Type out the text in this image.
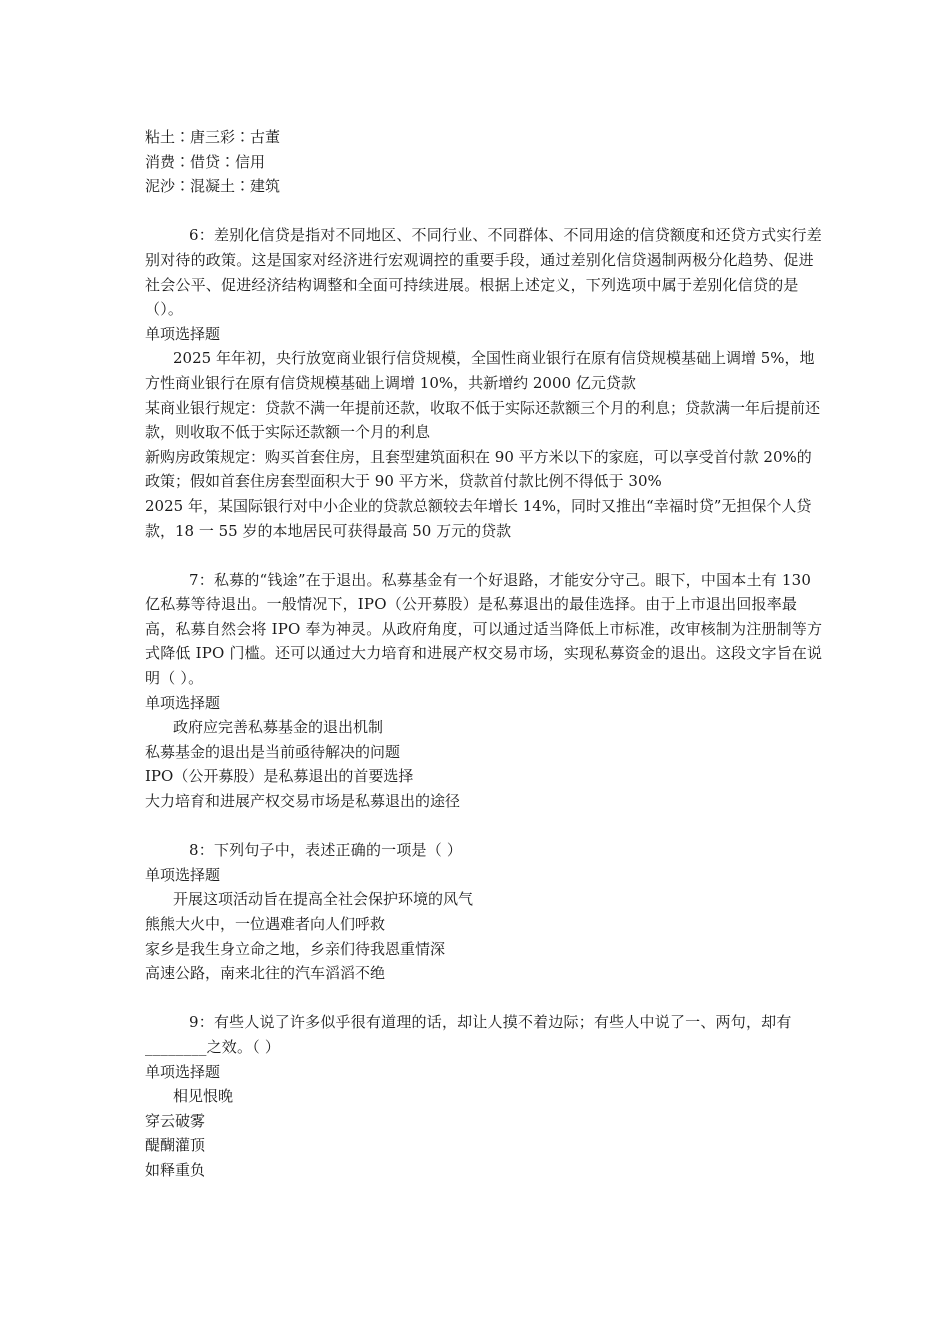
粘土∶唐三彩∶古董
消费∶借贷∶信用
泥沙∶混凝土∶建筑
6：差别化信贷是指对不同地区、不同行业、不同群体、不同用途的信贷额度和还贷方式实行差别对待的政策。这是国家对经济进行宏观调控的重要手段，通过差别化信贷遏制两极分化趋势、促进社会公平、促进经济结构调整和全面可持续进展。根据上述定义，下列选项中属于差别化信贷的是（）。
单项选择题
2025 年年初，央行放宽商业银行信贷规模，全国性商业银行在原有信贷规模基础上调增 5%，地方性商业银行在原有信贷规模基础上调增 10%，共新增约 2000 亿元贷款
某商业银行规定：贷款不满一年提前还款，收取不低于实际还款额三个月的利息；贷款满一年后提前还款，则收取不低于实际还款额一个月的利息
新购房政策规定：购买首套住房，且套型建筑面积在 90 平方米以下的家庭，可以享受首付款 20%的政策；假如首套住房套型面积大于 90 平方米，贷款首付款比例不得低于 30%
2025 年，某国际银行对中小企业的贷款总额较去年增长 14%，同时又推出“幸福时贷”无担保个人贷款，18 一 55 岁的本地居民可获得最高 50 万元的贷款
7：私募的“钱途”在于退出。私募基金有一个好退路，才能安分守己。眼下，中国本土有 130 亿私募等待退出。一般情况下，IPO（公开募股）是私募退出的最佳选择。由于上市退出回报率最高，私募自然会将 IPO 奉为神灵。从政府角度，可以通过适当降低上市标准，改审核制为注册制等方式降低 IPO 门槛。还可以通过大力培育和进展产权交易市场，实现私募资金的退出。这段文字旨在说明（ ）。
单项选择题
政府应完善私募基金的退出机制
私募基金的退出是当前亟待解决的问题
IPO（公开募股）是私募退出的首要选择
大力培育和进展产权交易市场是私募退出的途径
8：下列句子中，表述正确的一项是（ ）
单项选择题
开展这项活动旨在提高全社会保护环境的风气
熊熊大火中，一位遇难者向人们呼救
家乡是我生身立命之地，乡亲们待我恩重情深
高速公路，南来北往的汽车滔滔不绝
9：有些人说了许多似乎很有道理的话，却让人摸不着边际；有些人中说了一、两句，却有________之效。（ ）
单项选择题
相见恨晚
穿云破雾
醍醐灌顶
如释重负
